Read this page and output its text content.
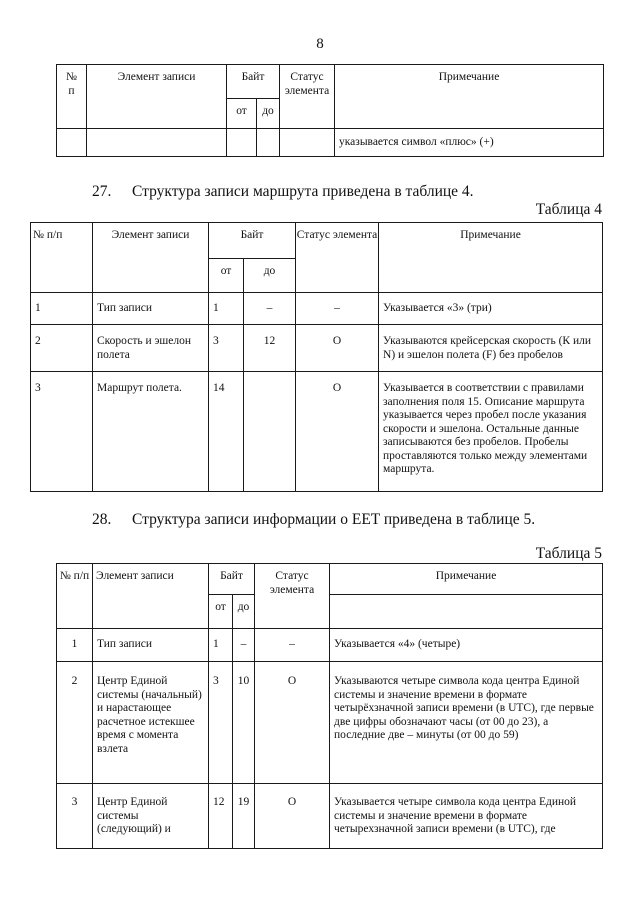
8
№
п	Элемент записи	Байт		Статус элемента	Примечание
		от	до		
					указывается символ «плюс» (+)
27. Структура записи маршрута приведена в таблице 4.
Таблица 4
№ п/п	Элемент записи	Байт		Статус элемента	Примечание
		от	до		
1	Тип записи	1	–	–	Указывается «3» (три)
2	Скорость и эшелон полета	3	12	О	Указываются крейсерская скорость (К или N) и эшелон полета (F) без пробелов
3	Маршрут полета.	14		О	Указывается в соответствии с правилами заполнения поля 15. Описание маршрута указывается через пробел после указания скорости и эшелона. Остальные данные записываются без пробелов. Пробелы проставляются только между элементами маршрута.
28. Структура записи информации о EET приведена в таблице 5.
Таблица 5
№ п/п	Элемент записи	Байт		Статус элемента	Примечание
		от	до		
1	Тип записи	1	–	–	Указывается «4» (четыре)
2	Центр Единой системы (начальный) и нарастающее расчетное истекшее время с момента взлета	3	10	О	Указываются четыре символа кода центра Единой системы и значение времени в формате четырёхзначной записи времени (в UTC), где первые две цифры обозначают часы (от 00 до 23), а последние две – минуты (от 00 до 59)
3	Центр Единой системы (следующий) и	12	19	О	Указывается четыре символа кода центра Единой системы и значение времени в формате четырехзначной записи времени (в UTC), где
